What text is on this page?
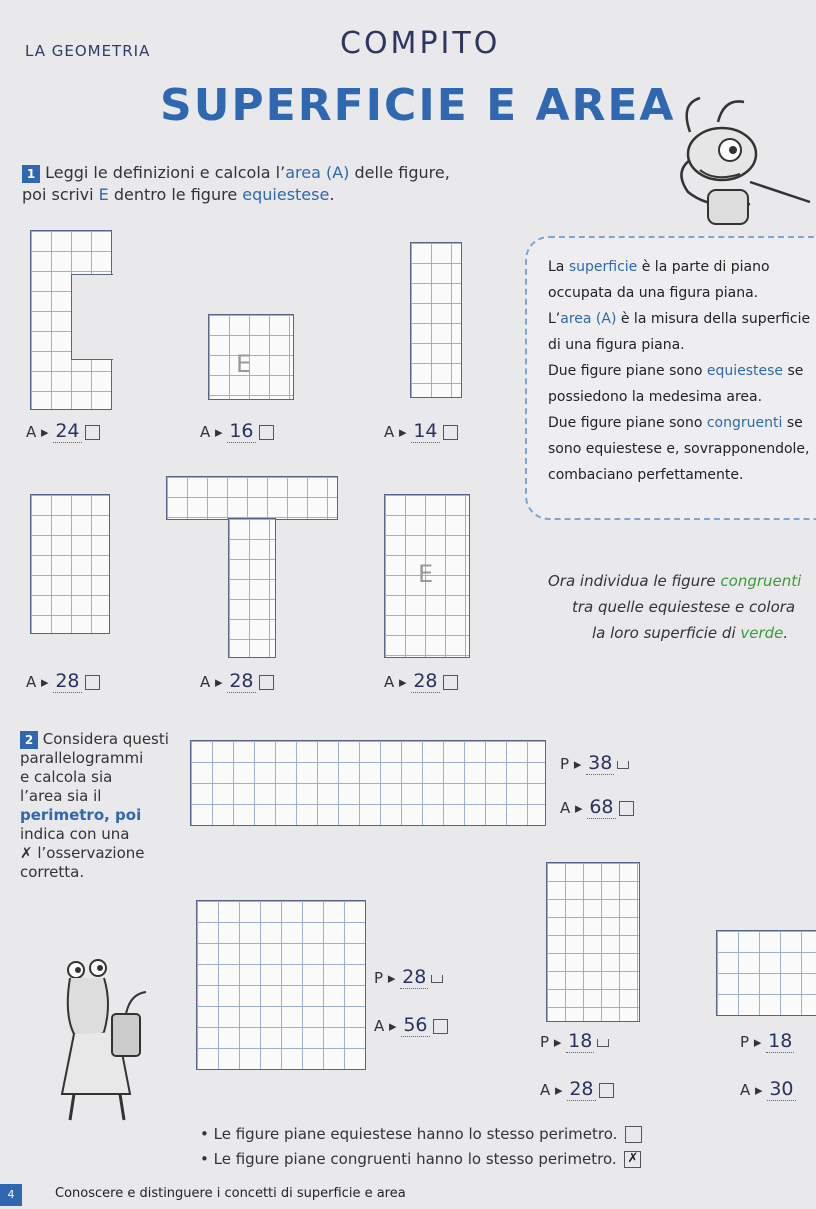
LA GEOMETRIA	COMPITO
SUPERFICIE E AREA
1 Leggi le definizioni e calcola l’area (A) delle figure,
poi scrivi E dentro le figure equiestese.
E
A ▸ 24	A ▸ 16	A ▸ 14
La superficie è la parte di piano
occupata da una figura piana.
L’area (A) è la misura della superficie
di una figura piana.
Due figure piane sono equiestese se
possiedono la medesima area.
Due figure piane sono congruenti se
sono equiestese e, sovrapponendole,
combaciano perfettamente.
E	Ora individua le figure congruenti
tra quelle equiestese e colora
la loro superficie di verde.
A ▸ 28	A ▸ 28	A ▸ 28
2 Considera questi
parallelogrammi
e calcola sia
l’area sia il
perimetro, poi
indica con una
✗ l’osservazione
corretta.
P ▸ 38
A ▸ 68
P ▸ 28
A ▸ 56
P ▸ 18
A ▸ 28
P ▸ 18
A ▸ 30
• Le figure piane equiestese hanno lo stesso perimetro.
• Le figure piane congruenti hanno lo stesso perimetro. ✗
4	Conoscere e distinguere i concetti di superficie e area
